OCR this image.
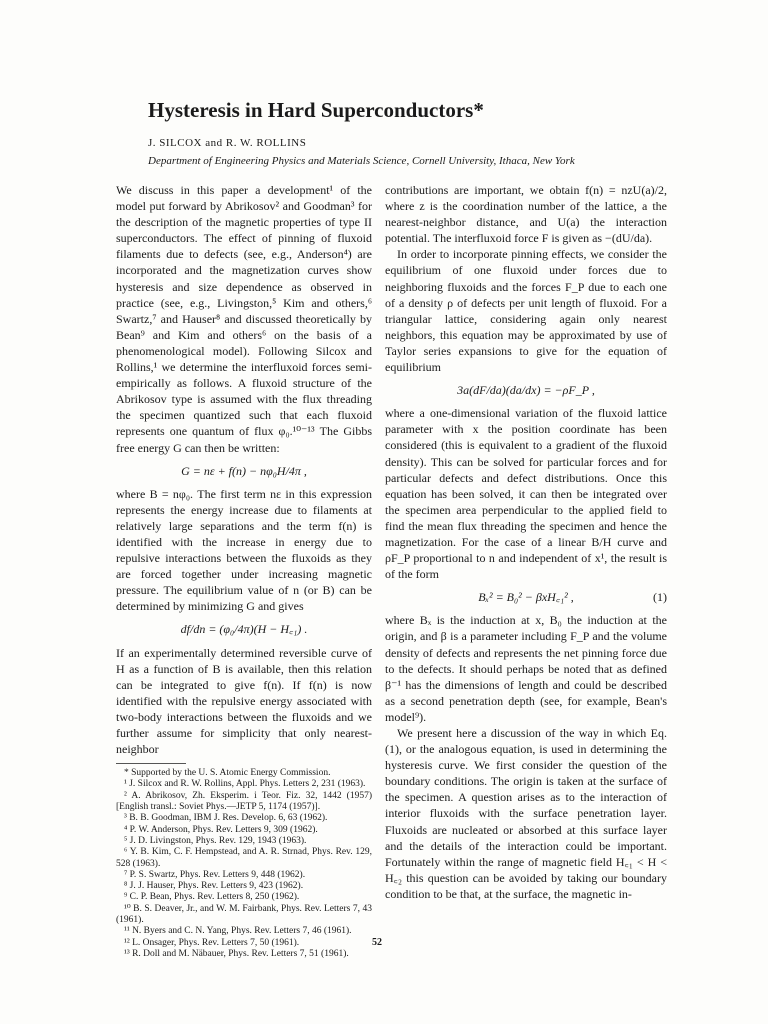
Hysteresis in Hard Superconductors*
J. SILCOX and R. W. ROLLINS
Department of Engineering Physics and Materials Science, Cornell University, Ithaca, New York

We discuss in this paper a development¹ of the model put forward by Abrikosov² and Goodman³ for the description of the magnetic properties of type II superconductors. The effect of pinning of fluxoid filaments due to defects (see, e.g., Anderson⁴) are incorporated and the magnetization curves show hysteresis and size dependence as observed in practice (see, e.g., Livingston,⁵ Kim and others,⁶ Swartz,⁷ and Hauser⁸ and discussed theoretically by Bean⁹ and Kim and others⁶ on the basis of a phenomenological model). Following Silcox and Rollins,¹ we determine the interfluxoid forces semi-empirically as follows. A fluxoid structure of the Abrikosov type is assumed with the flux threading the specimen quantized such that each fluxoid represents one quantum of flux φ₀.¹⁰⁻¹³ The Gibbs free energy G can then be written:

G = nε + f(n) − nφ₀H/4π ,

where B = nφ₀. The first term nε in this expression represents the energy increase due to filaments at relatively large separations and the term f(n) is identified with the increase in energy due to repulsive interactions between the fluxoids as they are forced together under increasing magnetic pressure. The equilibrium value of n (or B) can be determined by minimizing G and gives

df/dn = (φ₀/4π)(H − H꜀₁) .

If an experimentally determined reversible curve of H as a function of B is available, then this relation can be integrated to give f(n). If f(n) is now identified with the repulsive energy associated with two-body interactions between the fluxoids and we further assume for simplicity that only nearest-neighbor

* Supported by the U. S. Atomic Energy Commission.

¹ J. Silcox and R. W. Rollins, Appl. Phys. Letters 2, 231 (1963).

² A. Abrikosov, Zh. Eksperim. i Teor. Fiz. 32, 1442 (1957) [English transl.: Soviet Phys.—JETP 5, 1174 (1957)].

³ B. B. Goodman, IBM J. Res. Develop. 6, 63 (1962).

⁴ P. W. Anderson, Phys. Rev. Letters 9, 309 (1962).

⁵ J. D. Livingston, Phys. Rev. 129, 1943 (1963).

⁶ Y. B. Kim, C. F. Hempstead, and A. R. Strnad, Phys. Rev. 129, 528 (1963).

⁷ P. S. Swartz, Phys. Rev. Letters 9, 448 (1962).

⁸ J. J. Hauser, Phys. Rev. Letters 9, 423 (1962).

⁹ C. P. Bean, Phys. Rev. Letters 8, 250 (1962).

¹⁰ B. S. Deaver, Jr., and W. M. Fairbank, Phys. Rev. Letters 7, 43 (1961).

¹¹ N. Byers and C. N. Yang, Phys. Rev. Letters 7, 46 (1961).

¹² L. Onsager, Phys. Rev. Letters 7, 50 (1961).

¹³ R. Doll and M. Näbauer, Phys. Rev. Letters 7, 51 (1961).

contributions are important, we obtain f(n) = nzU(a)/2, where z is the coordination number of the lattice, a the nearest-neighbor distance, and U(a) the interaction potential. The interfluxoid force F is given as −(dU/da).

In order to incorporate pinning effects, we consider the equilibrium of one fluxoid under forces due to neighboring fluxoids and the forces F_P due to each one of a density ρ of defects per unit length of fluxoid. For a triangular lattice, considering again only nearest neighbors, this equation may be approximated by use of Taylor series expansions to give for the equation of equilibrium

3a(dF/da)(da/dx) = −ρF_P ,

where a one-dimensional variation of the fluxoid lattice parameter with x the position coordinate has been considered (this is equivalent to a gradient of the fluxoid density). This can be solved for particular forces and for particular defects and defect distributions. Once this equation has been solved, it can then be integrated over the specimen area perpendicular to the applied field to find the mean flux threading the specimen and hence the magnetization. For the case of a linear B/H curve and ρF_P proportional to n and independent of x¹, the result is of the form

Bₓ² = B₀² − βxH꜀₁² ,	(1)

where Bₓ is the induction at x, B₀ the induction at the origin, and β is a parameter including F_P and the volume density of defects and represents the net pinning force due to the defects. It should perhaps be noted that as defined β⁻¹ has the dimensions of length and could be described as a second penetration depth (see, for example, Bean's model⁹).

We present here a discussion of the way in which Eq. (1), or the analogous equation, is used in determining the hysteresis curve. We first consider the question of the boundary conditions. The origin is taken at the surface of the specimen. A question arises as to the interaction of interior fluxoids with the surface penetration layer. Fluxoids are nucleated or absorbed at this surface layer and the details of the interaction could be important. Fortunately within the range of magnetic field H꜀₁ < H < H꜀₂ this question can be avoided by taking our boundary condition to be that, at the surface, the magnetic in-

52
